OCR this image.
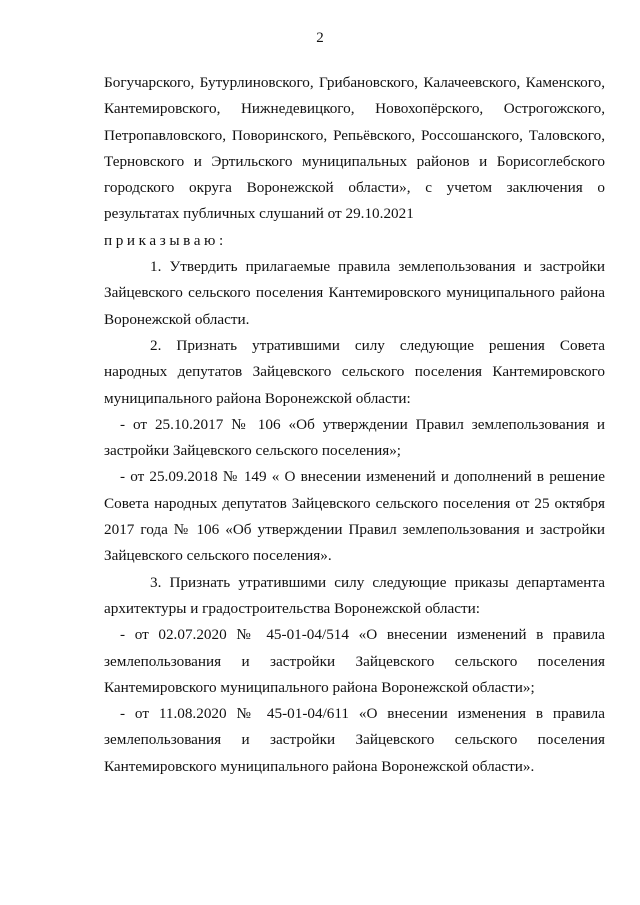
2
Богучарского, Бутурлиновского, Грибановского, Калачеевского, Каменского,
Кантемировского, Нижнедевицкого, Новохопёрского, Острогожского,
Петропавловского, Поворинского, Репьёвского, Россошанского, Таловского,
Терновского и Эртильского муниципальных районов и Борисоглебского
городского округа Воронежской области», с учетом заключения о
результатах публичных слушаний от 29.10.2021
приказываю:
1. Утвердить прилагаемые правила землепользования и застройки
Зайцевского сельского поселения Кантемировского муниципального района
Воронежской области.
2. Признать утратившими силу следующие решения Совета
народных депутатов Зайцевского сельского поселения Кантемировского
муниципального района Воронежской области:
- от 25.10.2017 № 106 «Об утверждении Правил землепользования и
застройки Зайцевского сельского поселения»;
- от 25.09.2018 № 149 « О внесении изменений и дополнений в решение
Совета народных депутатов Зайцевского сельского поселения от 25 октября
2017 года № 106 «Об утверждении Правил землепользования и застройки
Зайцевского сельского поселения».
3. Признать утратившими силу следующие приказы департамента
архитектуры и градостроительства Воронежской области:
- от 02.07.2020 № 45-01-04/514 «О внесении изменений в правила
землепользования и застройки Зайцевского сельского поселения
Кантемировского муниципального района Воронежской области»;
- от 11.08.2020 № 45-01-04/611 «О внесении изменения в правила
землепользования и застройки Зайцевского сельского поселения
Кантемировского муниципального района Воронежской области».
